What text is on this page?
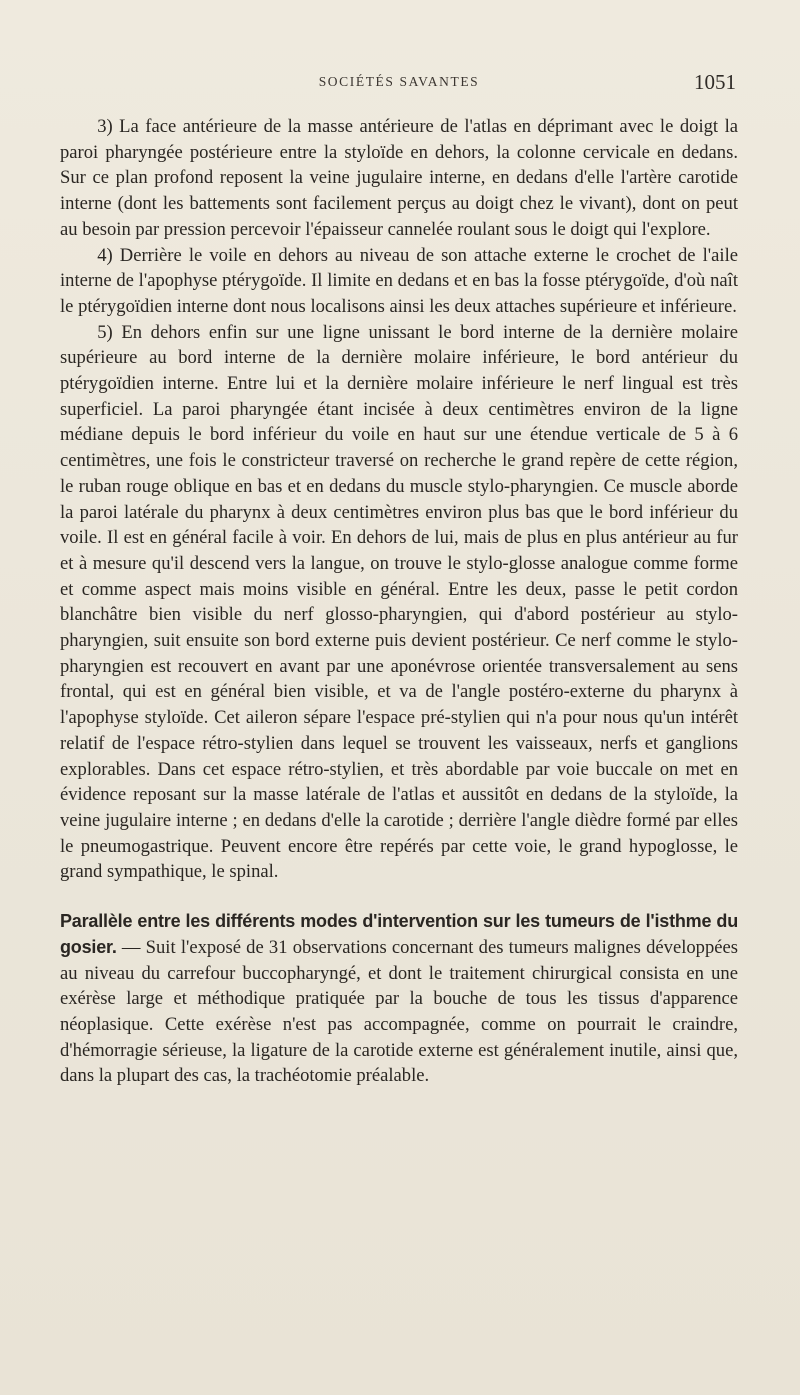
SOCIÉTÉS SAVANTES	1051

3) La face antérieure de la masse antérieure de l'atlas en déprimant avec le doigt la paroi pharyngée postérieure entre la styloïde en dehors, la colonne cervicale en dedans. Sur ce plan profond reposent la veine jugulaire interne, en dedans d'elle l'artère carotide interne (dont les battements sont facilement perçus au doigt chez le vivant), dont on peut au besoin par pression percevoir l'épaisseur cannelée roulant sous le doigt qui l'explore.

4) Derrière le voile en dehors au niveau de son attache externe le crochet de l'aile interne de l'apophyse ptérygoïde. Il limite en dedans et en bas la fosse ptérygoïde, d'où naît le ptérygoïdien interne dont nous localisons ainsi les deux attaches supérieure et inférieure.

5) En dehors enfin sur une ligne unissant le bord interne de la dernière molaire supérieure au bord interne de la dernière molaire inférieure, le bord antérieur du ptérygoïdien interne. Entre lui et la dernière molaire inférieure le nerf lingual est très superficiel. La paroi pharyngée étant incisée à deux centimètres environ de la ligne médiane depuis le bord inférieur du voile en haut sur une étendue verticale de 5 à 6 centimètres, une fois le constricteur traversé on recherche le grand repère de cette région, le ruban rouge oblique en bas et en dedans du muscle stylo-pharyngien. Ce muscle aborde la paroi latérale du pharynx à deux centimètres environ plus bas que le bord inférieur du voile. Il est en général facile à voir. En dehors de lui, mais de plus en plus antérieur au fur et à mesure qu'il descend vers la langue, on trouve le stylo-glosse analogue comme forme et comme aspect mais moins visible en général. Entre les deux, passe le petit cordon blanchâtre bien visible du nerf glosso-pharyngien, qui d'abord postérieur au stylo-pharyngien, suit ensuite son bord externe puis devient postérieur. Ce nerf comme le stylo-pharyngien est recouvert en avant par une aponévrose orientée transversalement au sens frontal, qui est en général bien visible, et va de l'angle postéro-externe du pharynx à l'apophyse styloïde. Cet aileron sépare l'espace pré-stylien qui n'a pour nous qu'un intérêt relatif de l'espace rétro-stylien dans lequel se trouvent les vaisseaux, nerfs et ganglions explorables. Dans cet espace rétro-stylien, et très abordable par voie buccale on met en évidence reposant sur la masse latérale de l'atlas et aussitôt en dedans de la styloïde, la veine jugulaire interne ; en dedans d'elle la carotide ; derrière l'angle dièdre formé par elles le pneumogastrique. Peuvent encore être repérés par cette voie, le grand hypoglosse, le grand sympathique, le spinal.

Parallèle entre les différents modes d'intervention sur les tumeurs de l'isthme du gosier. — Suit l'exposé de 31 observations concernant des tumeurs malignes développées au niveau du carrefour buccopharyngé, et dont le traitement chirurgical consista en une exérèse large et méthodique pratiquée par la bouche de tous les tissus d'apparence néoplasique. Cette exérèse n'est pas accompagnée, comme on pourrait le craindre, d'hémorragie sérieuse, la ligature de la carotide externe est généralement inutile, ainsi que, dans la plupart des cas, la trachéotomie préalable.
